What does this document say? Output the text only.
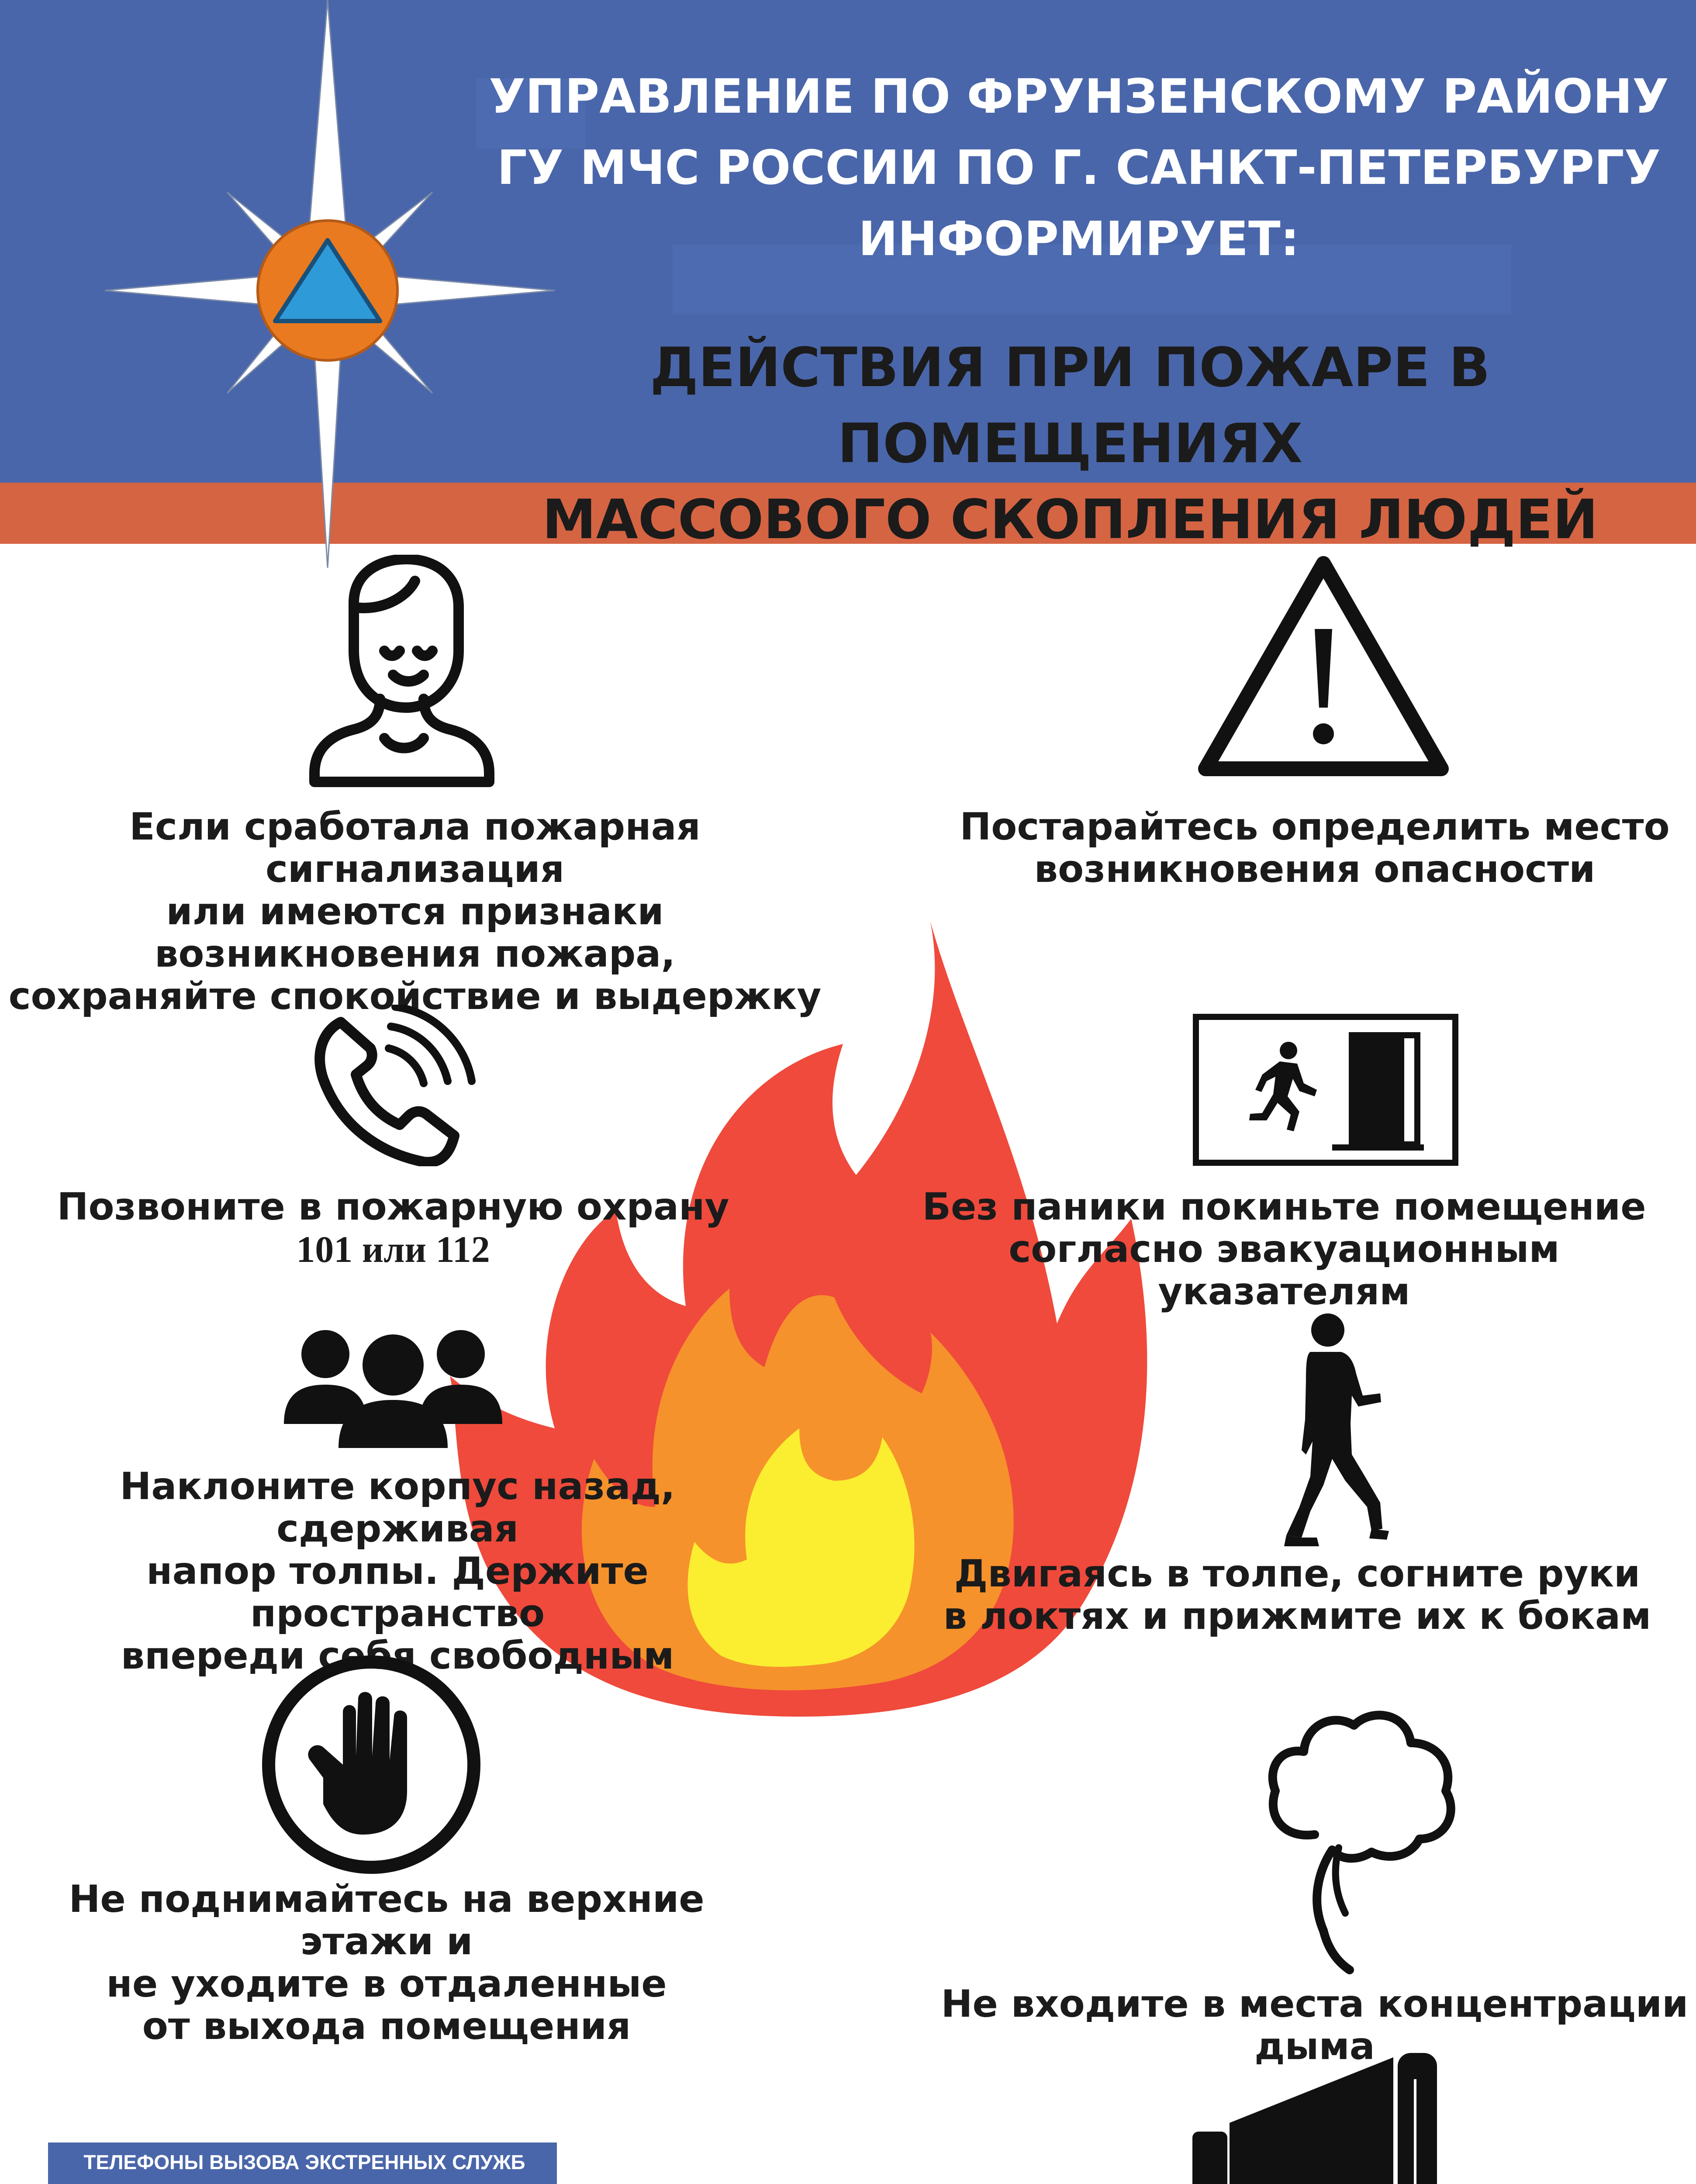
УПРАВЛЕНИЕ ПО ФРУНЗЕНСКОМУ РАЙОНУ
ГУ МЧС РОССИИ ПО Г. САНКТ-ПЕТЕРБУРГУ
ИНФОРМИРУЕТ:
ДЕЙСТВИЯ ПРИ ПОЖАРЕ В ПОМЕЩЕНИЯХ
МАССОВОГО СКОПЛЕНИЯ ЛЮДЕЙ
Если сработала пожарная сигнализация
или имеются признаки
возникновения пожара,
сохраняйте спокойствие и выдержку
Позвоните в пожарную охрану
101 или 112
Наклоните корпус назад, сдерживая
напор толпы. Держите пространство
впереди себя свободным
Не поднимайтесь на верхние этажи и
не уходите в отдаленные
от выхода помещения
Постарайтесь определить место
возникновения опасности
Без паники покиньте помещение
согласно эвакуационным указателям
Двигаясь в толпе, согните руки
в локтях и прижмите их к бокам
Не входите в места концентрации
дыма
ТЕЛЕФОНЫ ВЫЗОВА ЭКСТРЕННЫХ СЛУЖБ
